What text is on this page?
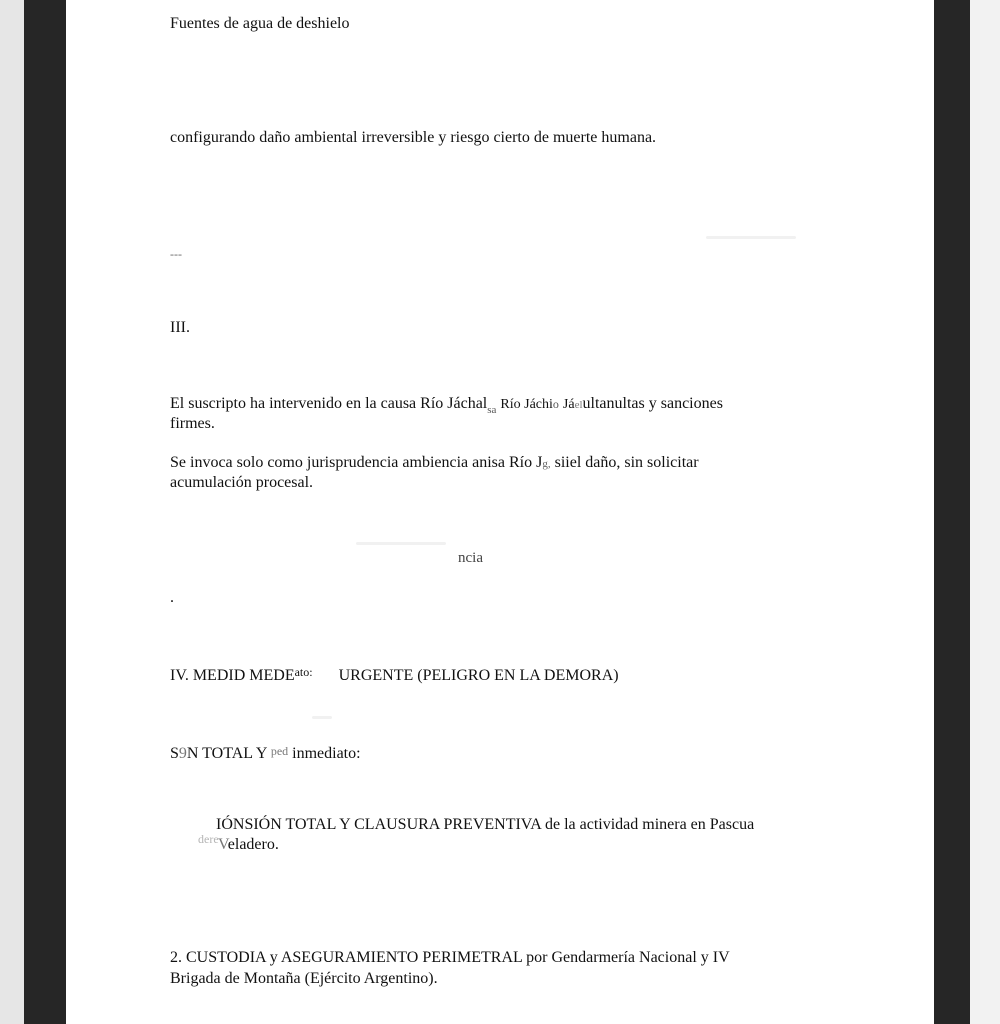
Fuentes de agua de deshielo

configurando daño ambiental irreversible y riesgo cierto de muerte humana.

---

III.

El suscripto ha intervenido en la causa Río Jáchal$_{sa}$ Río Jáchio Jáelultanultas y sanciones

firmes.

Se invoca solo como jurisprudencia ambiencia anisa Río Jg, siiel daño, sin solicitar

acumulación procesal.

ncia

.

IV. MEDID $MEDE^{ato:}$ URGENTE (PELIGRO EN LA DEMORA)

S9N TOTAL Y ped inmediato:

IÓNSIÓN TOTAL Y CLAUSURA PREVENTIVA de la actividad minera en Pascua

dere Veladero.

2. CUSTODIA y ASEGURAMIENTO PERIMETRAL por Gendarmería Nacional y IV

Brigada de Montaña (Ejército Argentino).
